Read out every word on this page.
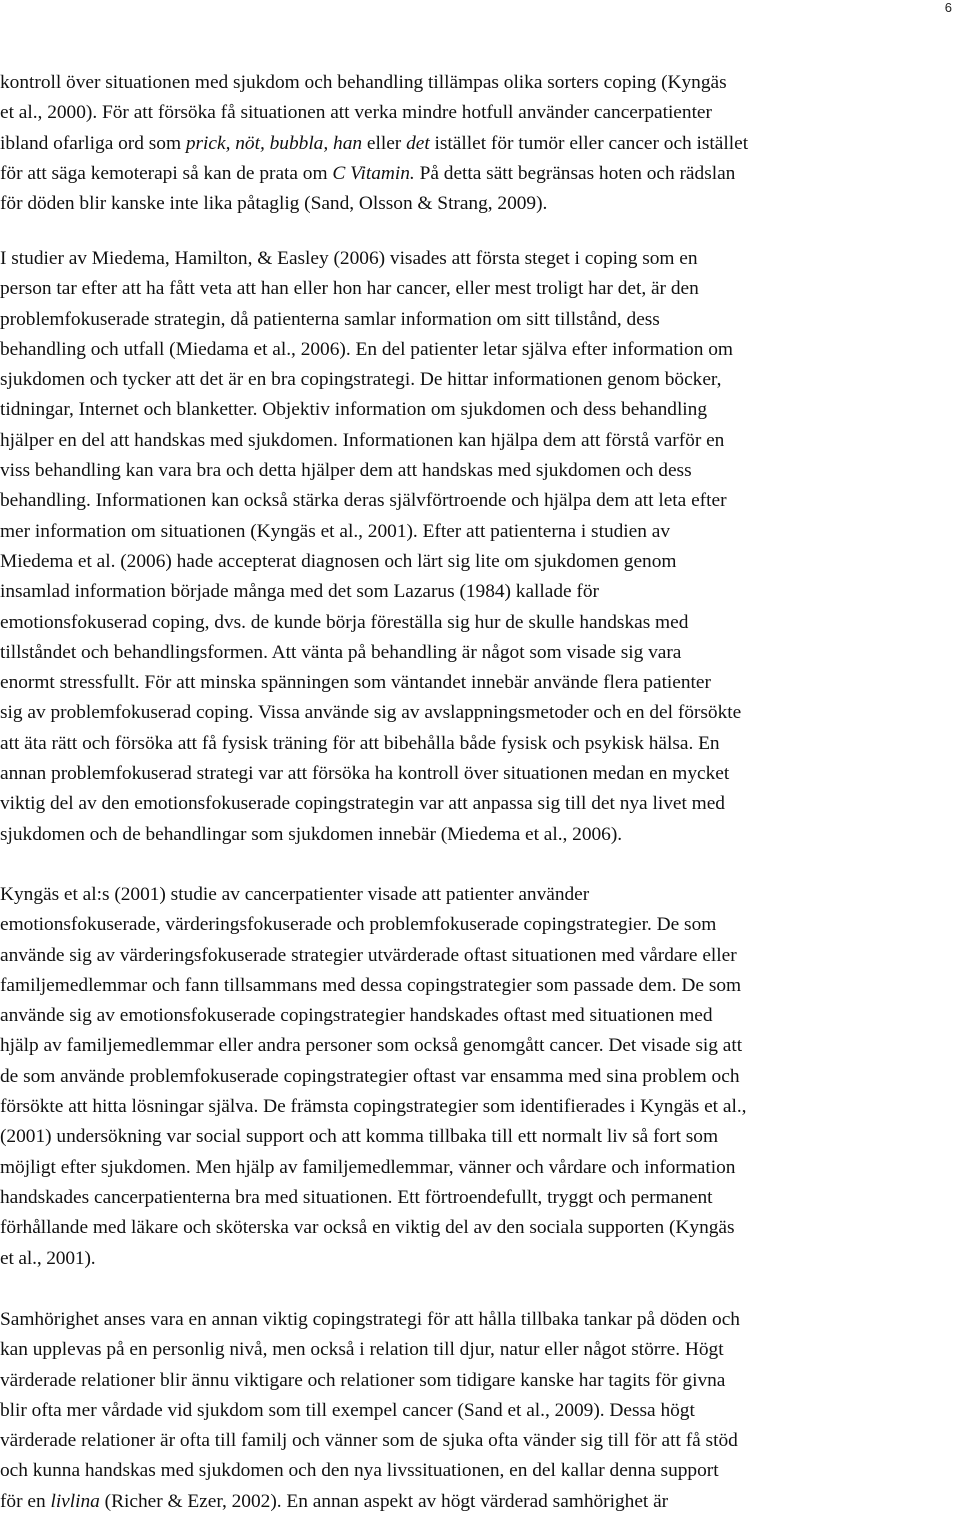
6
kontroll över situationen med sjukdom och behandling tillämpas olika sorters coping (Kyngäs
et al., 2000). För att försöka få situationen att verka mindre hotfull använder cancerpatienter
ibland ofarliga ord som prick, nöt, bubbla, han eller det istället för tumör eller cancer och istället
för att säga kemoterapi så kan de prata om C Vitamin. På detta sätt begränsas hoten och rädslan
för döden blir kanske inte lika påtaglig (Sand, Olsson & Strang, 2009).
I studier av Miedema, Hamilton, & Easley (2006) visades att första steget i coping som en
person tar efter att ha fått veta att han eller hon har cancer, eller mest troligt har det, är den
problemfokuserade strategin, då patienterna samlar information om sitt tillstånd, dess
behandling och utfall (Miedama et al., 2006). En del patienter letar själva efter information om
sjukdomen och tycker att det är en bra copingstrategi. De hittar informationen genom böcker,
tidningar, Internet och blanketter. Objektiv information om sjukdomen och dess behandling
hjälper en del att handskas med sjukdomen. Informationen kan hjälpa dem att förstå varför en
viss behandling kan vara bra och detta hjälper dem att handskas med sjukdomen och dess
behandling. Informationen kan också stärka deras självförtroende och hjälpa dem att leta efter
mer information om situationen (Kyngäs et al., 2001). Efter att patienterna i studien av
Miedema et al. (2006) hade accepterat diagnosen och lärt sig lite om sjukdomen genom
insamlad information började många med det som Lazarus (1984) kallade för
emotionsfokuserad coping, dvs. de kunde börja föreställa sig hur de skulle handskas med
tillståndet och behandlingsformen. Att vänta på behandling är något som visade sig vara
enormt stressfullt. För att minska spänningen som väntandet innebär använde flera patienter
sig av problemfokuserad coping. Vissa använde sig av avslappningsmetoder och en del försökte
att äta rätt och försöka att få fysisk träning för att bibehålla både fysisk och psykisk hälsa. En
annan problemfokuserad strategi var att försöka ha kontroll över situationen medan en mycket
viktig del av den emotionsfokuserade copingstrategin var att anpassa sig till det nya livet med
sjukdomen och de behandlingar som sjukdomen innebär (Miedema et al., 2006).
Kyngäs et al:s (2001) studie av cancerpatienter visade att patienter använder
emotionsfokuserade, värderingsfokuserade och problemfokuserade copingstrategier. De som
använde sig av värderingsfokuserade strategier utvärderade oftast situationen med vårdare eller
familjemedlemmar och fann tillsammans med dessa copingstrategier som passade dem. De som
använde sig av emotionsfokuserade copingstrategier handskades oftast med situationen med
hjälp av familjemedlemmar eller andra personer som också genomgått cancer. Det visade sig att
de som använde problemfokuserade copingstrategier oftast var ensamma med sina problem och
försökte att hitta lösningar själva. De främsta copingstrategier som identifierades i Kyngäs et al.,
(2001) undersökning var social support och att komma tillbaka till ett normalt liv så fort som
möjligt efter sjukdomen. Men hjälp av familjemedlemmar, vänner och vårdare och information
handskades cancerpatienterna bra med situationen. Ett förtroendefullt, tryggt och permanent
förhållande med läkare och sköterska var också en viktig del av den sociala supporten (Kyngäs
et al., 2001).
Samhörighet anses vara en annan viktig copingstrategi för att hålla tillbaka tankar på döden och
kan upplevas på en personlig nivå, men också i relation till djur, natur eller något större. Högt
värderade relationer blir ännu viktigare och relationer som tidigare kanske har tagits för givna
blir ofta mer vårdade vid sjukdom som till exempel cancer (Sand et al., 2009). Dessa högt
värderade relationer är ofta till familj och vänner som de sjuka ofta vänder sig till för att få stöd
och kunna handskas med sjukdomen och den nya livssituationen, en del kallar denna support
för en livlina (Richer & Ezer, 2002). En annan aspekt av högt värderad samhörighet är
